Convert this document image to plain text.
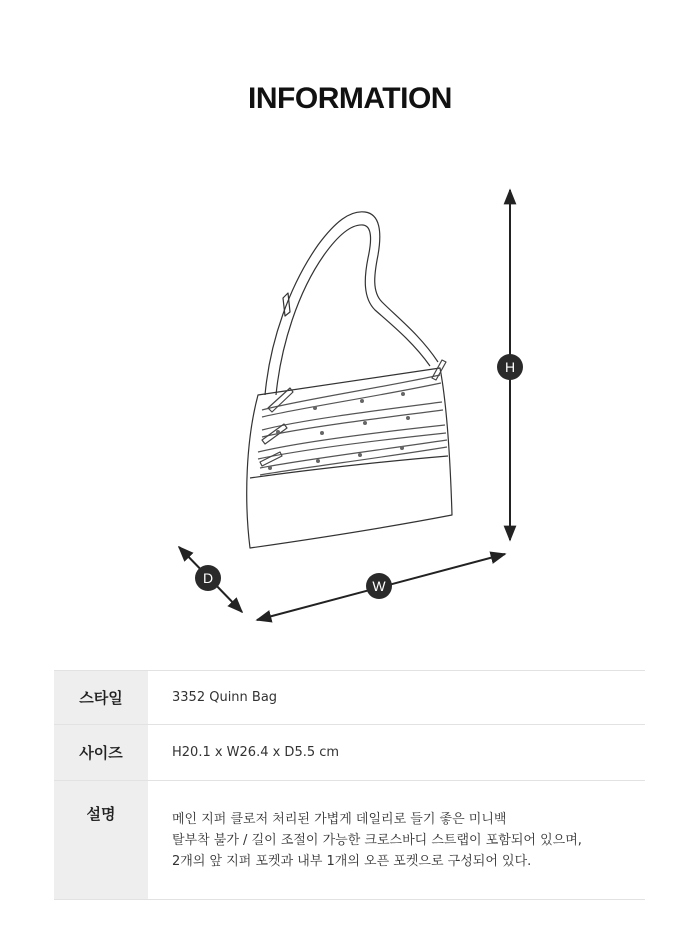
INFORMATION
H
W
D
스타일	3352 Quinn Bag
사이즈	H20.1 x W26.4 x D5.5 cm
설명	메인 지퍼 클로저 처리된 가볍게 데일리로 들기 좋은 미니백
탈부착 불가 / 길이 조절이 가능한 크로스바디 스트랩이 포함되어 있으며,
2개의 앞 지퍼 포켓과 내부 1개의 오픈 포켓으로 구성되어 있다.
